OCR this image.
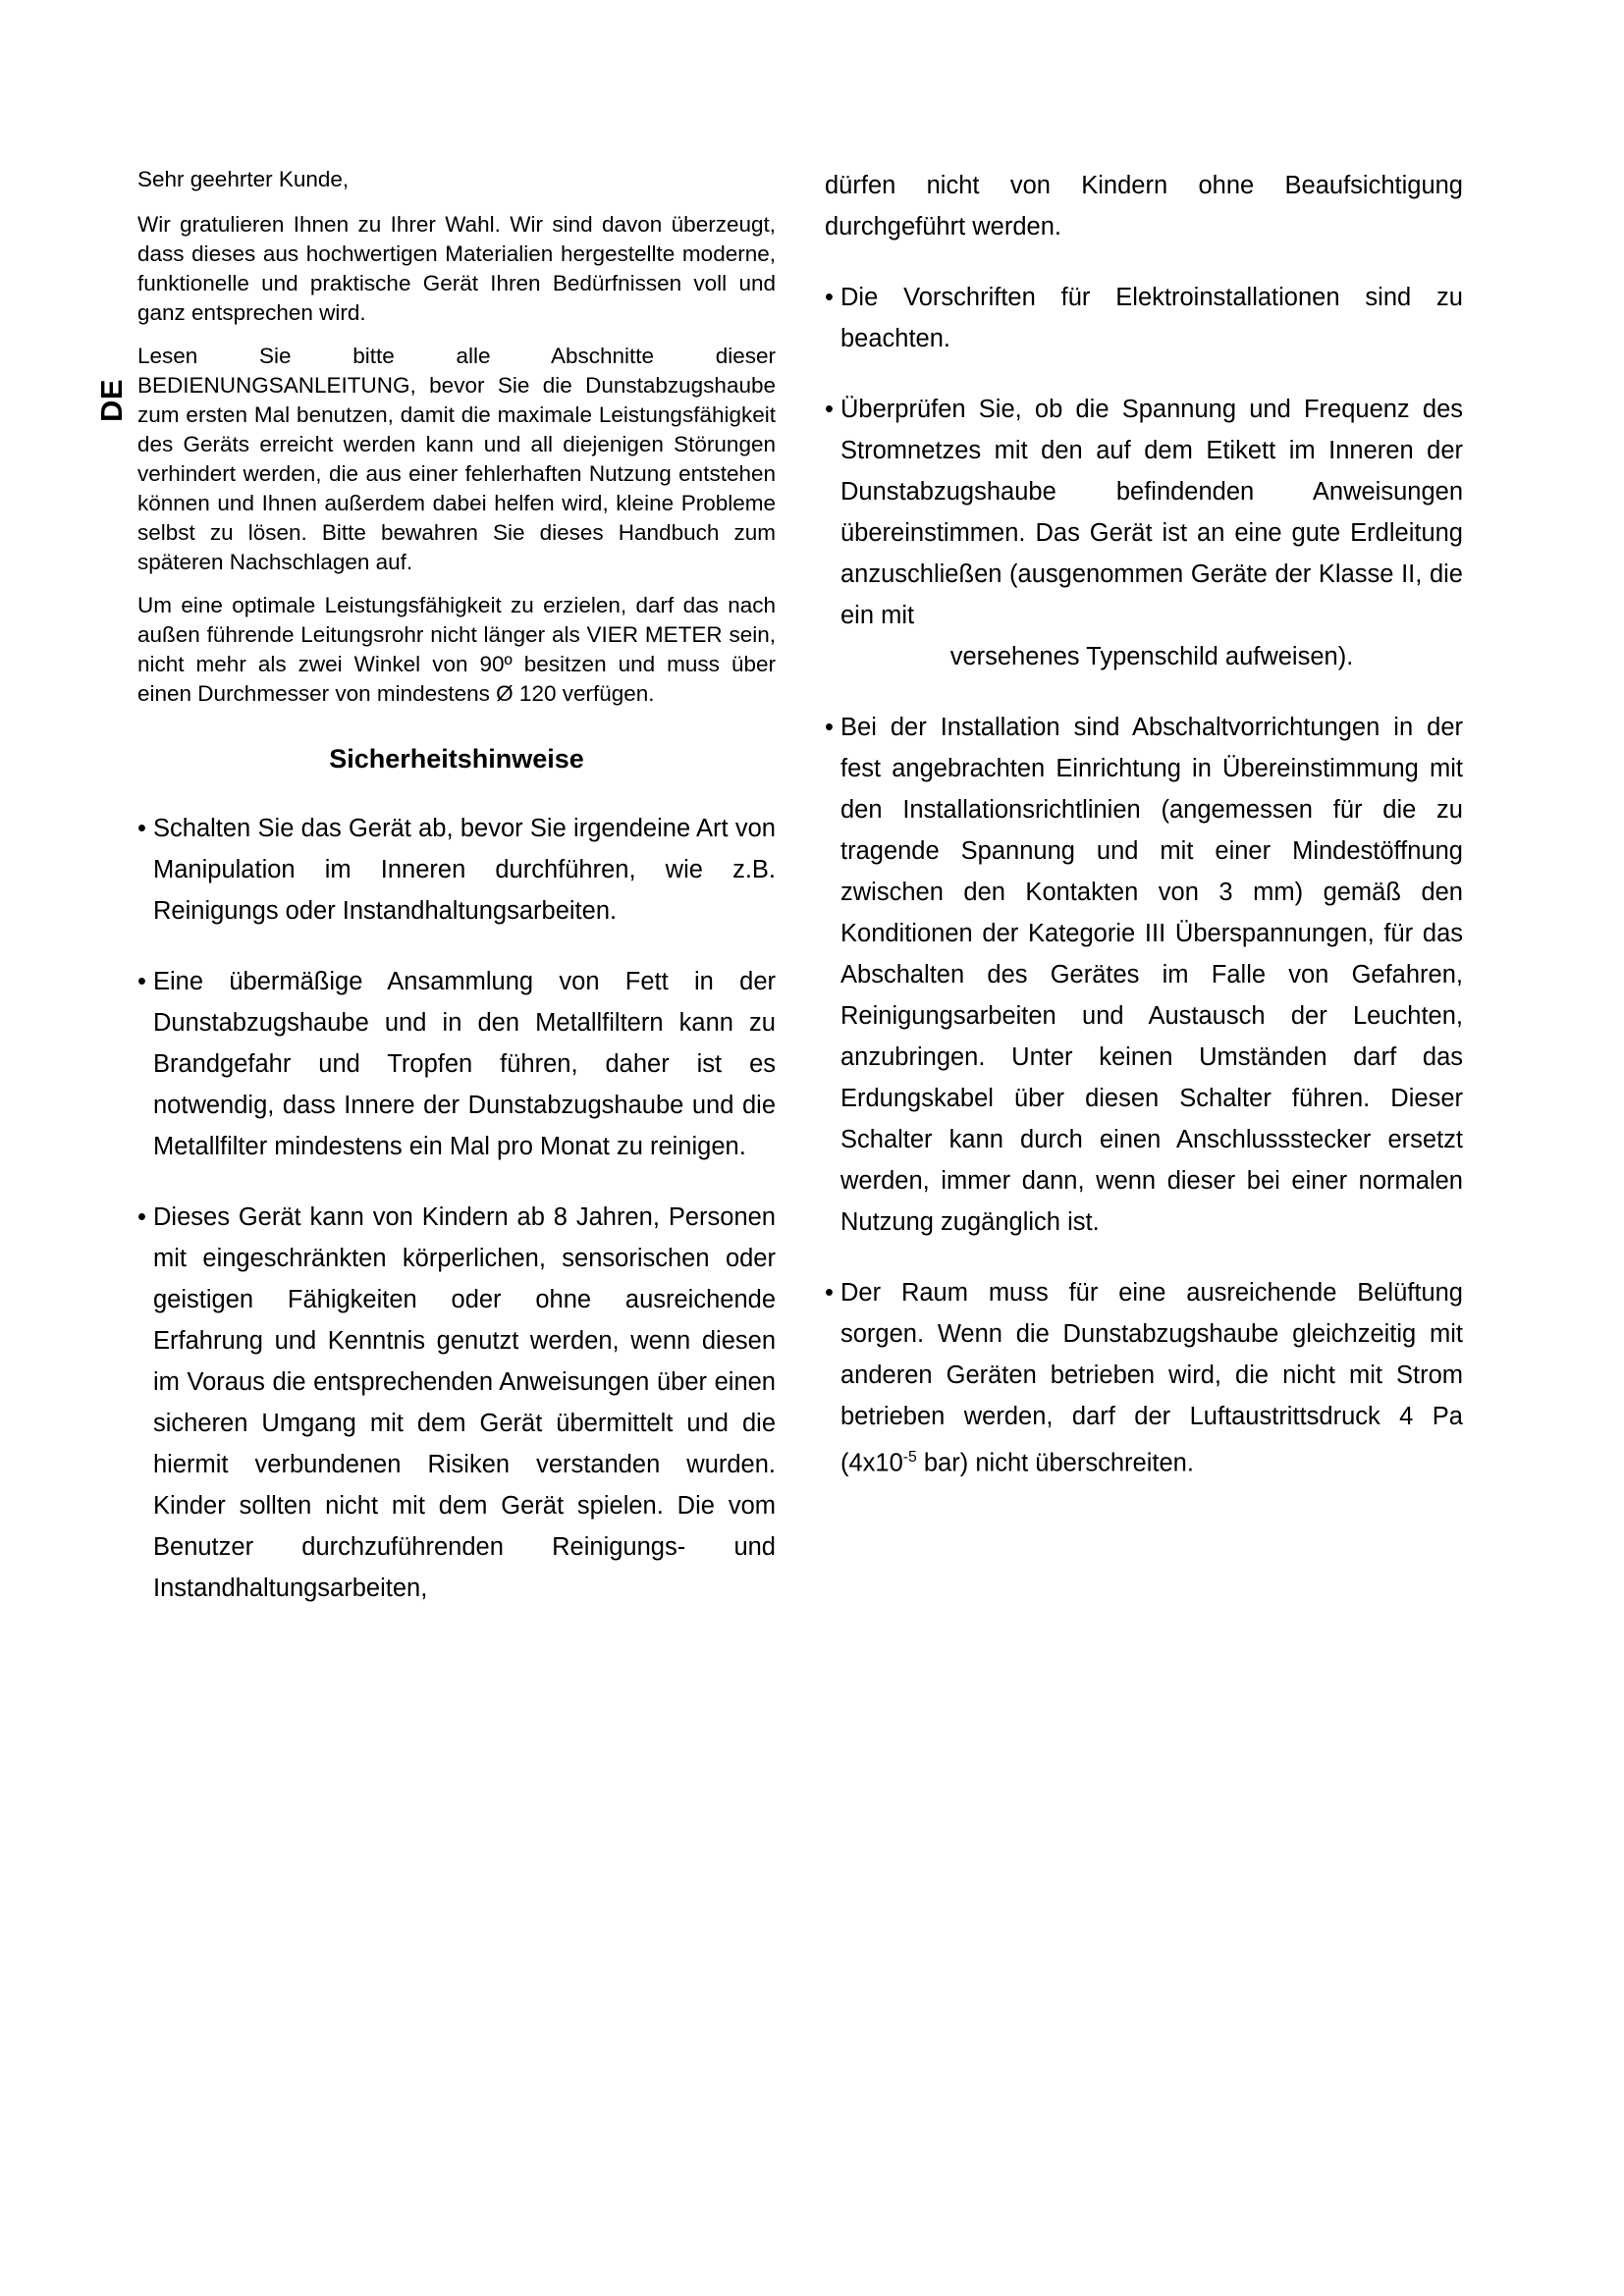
DE

Sehr geehrter Kunde,

Wir gratulieren Ihnen zu Ihrer Wahl. Wir sind davon überzeugt, dass dieses aus hochwertigen Materialien hergestellte moderne, funktionelle und praktische Gerät Ihren Bedürfnissen voll und ganz entsprechen wird.

Lesen Sie bitte alle Abschnitte dieser BEDIENUNGSANLEITUNG, bevor Sie die Dunstabzugshaube zum ersten Mal benutzen, damit die maximale Leistungsfähigkeit des Geräts erreicht werden kann und all diejenigen Störungen verhindert werden, die aus einer fehlerhaften Nutzung entstehen können und Ihnen außerdem dabei helfen wird, kleine Probleme selbst zu lösen. Bitte bewahren Sie dieses Handbuch zum späteren Nachschlagen auf.

Um eine optimale Leistungsfähigkeit zu erzielen, darf das nach außen führende Leitungsrohr nicht länger als VIER METER sein, nicht mehr als zwei Winkel von 90º besitzen und muss über einen Durchmesser von mindestens Ø 120 verfügen.

Sicherheitshinweise
• Schalten Sie das Gerät ab, bevor Sie irgendeine Art von Manipulation im Inneren durchführen, wie z.B. Reinigungs oder Instandhaltungsarbeiten.
• Eine übermäßige Ansammlung von Fett in der Dunstabzugshaube und in den Metallfiltern kann zu Brandgefahr und Tropfen führen, daher ist es notwendig, dass Innere der Dunstabzugshaube und die Metallfilter mindestens ein Mal pro Monat zu reinigen.
• Dieses Gerät kann von Kindern ab 8 Jahren, Personen mit eingeschränkten körperlichen, sensorischen oder geistigen Fähigkeiten oder ohne ausreichende Erfahrung und Kenntnis genutzt werden, wenn diesen im Voraus die entsprechenden Anweisungen über einen sicheren Umgang mit dem Gerät übermittelt und die hiermit verbundenen Risiken verstanden wurden. Kinder sollten nicht mit dem Gerät spielen. Die vom Benutzer durchzuführenden Reinigungs- und Instandhaltungsarbeiten,

dürfen nicht von Kindern ohne Beaufsichtigung durchgeführt werden.

• Die Vorschriften für Elektroinstallationen sind zu beachten.
• Überprüfen Sie, ob die Spannung und Frequenz des Stromnetzes mit den auf dem Etikett im Inneren der Dunstabzugshaube befindenden Anweisungen übereinstimmen. Das Gerät ist an eine gute Erdleitung anzuschließen (ausgenommen Geräte der Klasse II, die ein mit
versehenes Typenschild aufweisen).
• Bei der Installation sind Abschaltvorrichtungen in der fest angebrachten Einrichtung in Übereinstimmung mit den Installationsrichtlinien (angemessen für die zu tragende Spannung und mit einer Mindestöffnung zwischen den Kontakten von 3 mm) gemäß den Konditionen der Kategorie III Überspannungen, für das Abschalten des Gerätes im Falle von Gefahren, Reinigungsarbeiten und Austausch der Leuchten, anzubringen. Unter keinen Umständen darf das Erdungskabel über diesen Schalter führen. Dieser Schalter kann durch einen Anschlussstecker ersetzt werden, immer dann, wenn dieser bei einer normalen Nutzung zugänglich ist.
• Der Raum muss für eine ausreichende Belüftung sorgen. Wenn die Dunstabzugshaube gleichzeitig mit anderen Geräten betrieben wird, die nicht mit Strom betrieben werden, darf der Luftaustrittsdruck 4 Pa ($4x10^{-5}$ bar) nicht überschreiten.
